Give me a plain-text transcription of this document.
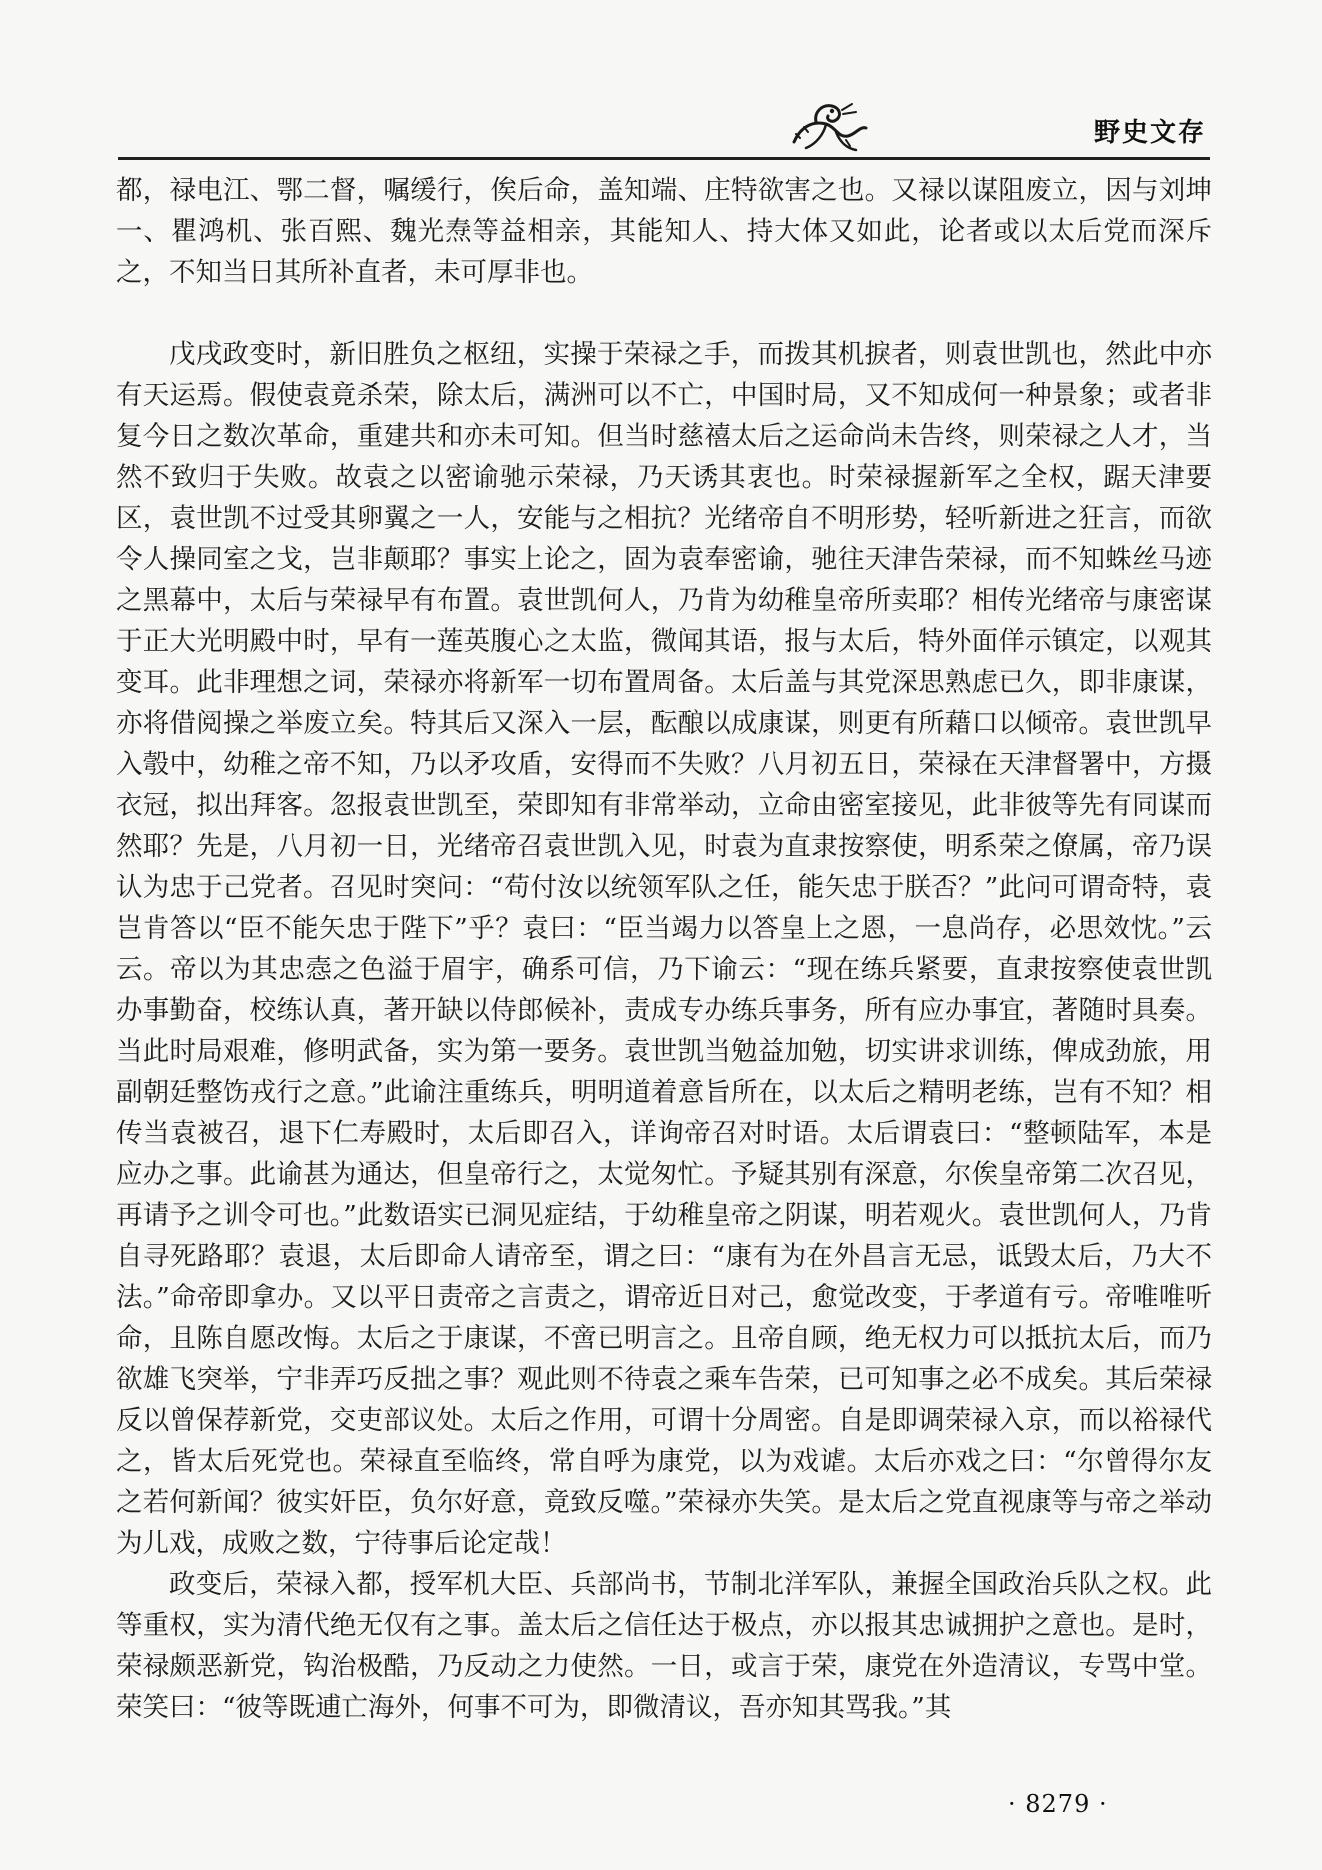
野史文存

都，禄电江、鄂二督，嘱缓行，俟后命，盖知端、庄特欲害之也。又禄以谋阻废立，因与刘坤一、瞿鸿机、张百熙、魏光焘等益相亲，其能知人、持大体又如此，论者或以太后党而深斥之，不知当日其所补直者，未可厚非也。

戊戌政变时，新旧胜负之枢纽，实操于荣禄之手，而拨其机捩者，则袁世凯也，然此中亦有天运焉。假使袁竟杀荣，除太后，满洲可以不亡，中国时局，又不知成何一种景象；或者非复今日之数次革命，重建共和亦未可知。但当时慈禧太后之运命尚未告终，则荣禄之人才，当然不致归于失败。故袁之以密谕驰示荣禄，乃天诱其衷也。时荣禄握新军之全权，踞天津要区，袁世凯不过受其卵翼之一人，安能与之相抗？光绪帝自不明形势，轻听新进之狂言，而欲令人操同室之戈，岂非颠耶？事实上论之，固为袁奉密谕，驰往天津告荣禄，而不知蛛丝马迹之黑幕中，太后与荣禄早有布置。袁世凯何人，乃肯为幼稚皇帝所卖耶？相传光绪帝与康密谋于正大光明殿中时，早有一莲英腹心之太监，微闻其语，报与太后，特外面佯示镇定，以观其变耳。此非理想之词，荣禄亦将新军一切布置周备。太后盖与其党深思熟虑已久，即非康谋，亦将借阅操之举废立矣。特其后又深入一层，酝酿以成康谋，则更有所藉口以倾帝。袁世凯早入彀中，幼稚之帝不知，乃以矛攻盾，安得而不失败？八月初五日，荣禄在天津督署中，方摄衣冠，拟出拜客。忽报袁世凯至，荣即知有非常举动，立命由密室接见，此非彼等先有同谋而然耶？先是，八月初一日，光绪帝召袁世凯入见，时袁为直隶按察使，明系荣之僚属，帝乃误认为忠于己党者。召见时突问：“苟付汝以统领军队之任，能矢忠于朕否？”此问可谓奇特，袁岂肯答以“臣不能矢忠于陛下”乎？袁曰：“臣当竭力以答皇上之恩，一息尚存，必思效忱。”云云。帝以为其忠悫之色溢于眉宇，确系可信，乃下谕云：“现在练兵紧要，直隶按察使袁世凯办事勤奋，校练认真，著开缺以侍郎候补，责成专办练兵事务，所有应办事宜，著随时具奏。当此时局艰难，修明武备，实为第一要务。袁世凯当勉益加勉，切实讲求训练，俾成劲旅，用副朝廷整饬戎行之意。”此谕注重练兵，明明道着意旨所在，以太后之精明老练，岂有不知？相传当袁被召，退下仁寿殿时，太后即召入，详询帝召对时语。太后谓袁曰：“整顿陆军，本是应办之事。此谕甚为通达，但皇帝行之，太觉匆忙。予疑其别有深意，尔俟皇帝第二次召见，再请予之训令可也。”此数语实已洞见症结，于幼稚皇帝之阴谋，明若观火。袁世凯何人，乃肯自寻死路耶？袁退，太后即命人请帝至，谓之曰：“康有为在外昌言无忌，诋毁太后，乃大不法。”命帝即拿办。又以平日责帝之言责之，谓帝近日对己，愈觉改变，于孝道有亏。帝唯唯听命，且陈自愿改悔。太后之于康谋，不啻已明言之。且帝自顾，绝无权力可以抵抗太后，而乃欲雄飞突举，宁非弄巧反拙之事？观此则不待袁之乘车告荣，已可知事之必不成矣。其后荣禄反以曾保荐新党，交吏部议处。太后之作用，可谓十分周密。自是即调荣禄入京，而以裕禄代之，皆太后死党也。荣禄直至临终，常自呼为康党，以为戏谑。太后亦戏之曰：“尔曾得尔友之若何新闻？彼实奸臣，负尔好意，竟致反噬。”荣禄亦失笑。是太后之党直视康等与帝之举动为儿戏，成败之数，宁待事后论定哉！

政变后，荣禄入都，授军机大臣、兵部尚书，节制北洋军队，兼握全国政治兵队之权。此等重权，实为清代绝无仅有之事。盖太后之信任达于极点，亦以报其忠诚拥护之意也。是时，荣禄颇恶新党，钩治极酷，乃反动之力使然。一日，或言于荣，康党在外造清议，专骂中堂。荣笑曰：“彼等既逋亡海外，何事不可为，即微清议，吾亦知其骂我。”其

· 8279 ·
